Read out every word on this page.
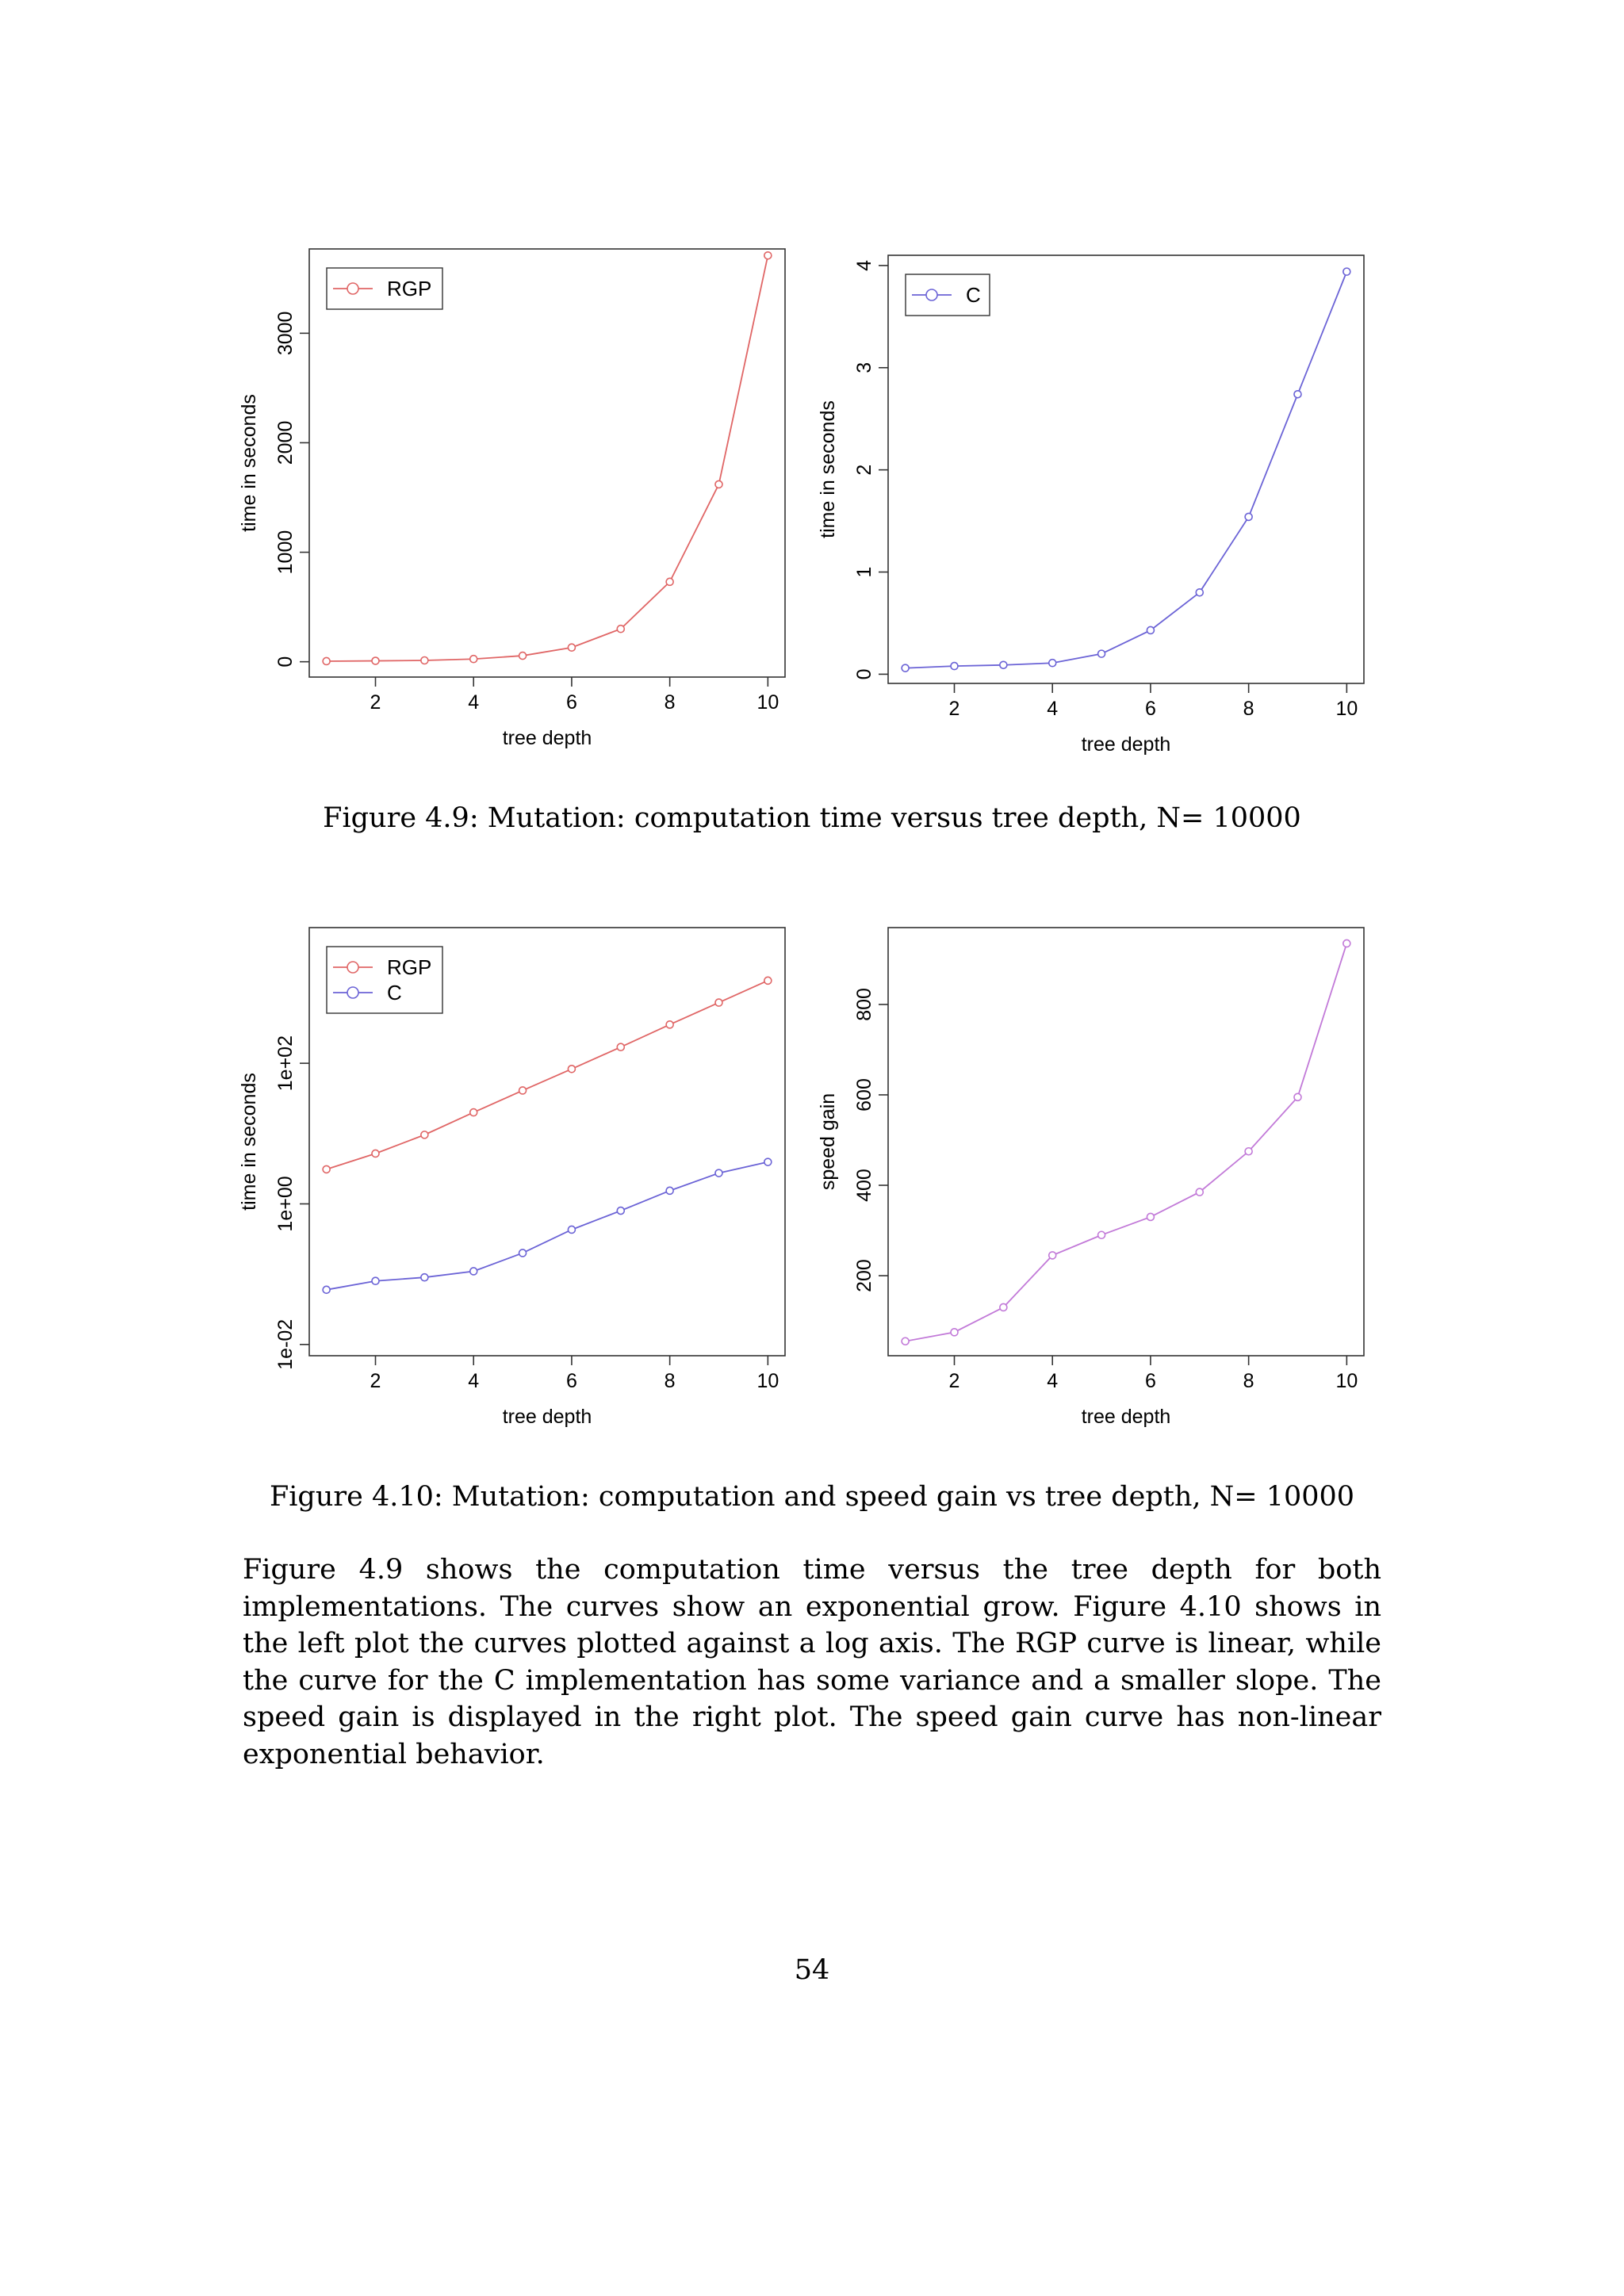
2	4	6	8	10
0
1000
2000
3000
tree depth
time in seconds
RGP
2	4	6	8	10
0
1
2
3
4
tree depth
time in seconds
C
Figure 4.9: Mutation: computation time versus tree depth, N= 10000
2	4	6	8	10
1e-02
1e+00
1e+02
tree depth
time in seconds
RGP
C
2	4	6	8	10
200
400
600
800
tree depth
speed gain
Figure 4.10: Mutation: computation and speed gain vs tree depth, N= 10000

Figure 4.9 shows the computation time versus the tree depth for both implementations. The curves show an exponential grow. Figure 4.10 shows in the left plot the curves plotted against a log axis. The RGP curve is linear, while the curve for the C implementation has some variance and a smaller slope. The speed gain is displayed in the right plot. The speed gain curve has non-linear exponential behavior.

54
